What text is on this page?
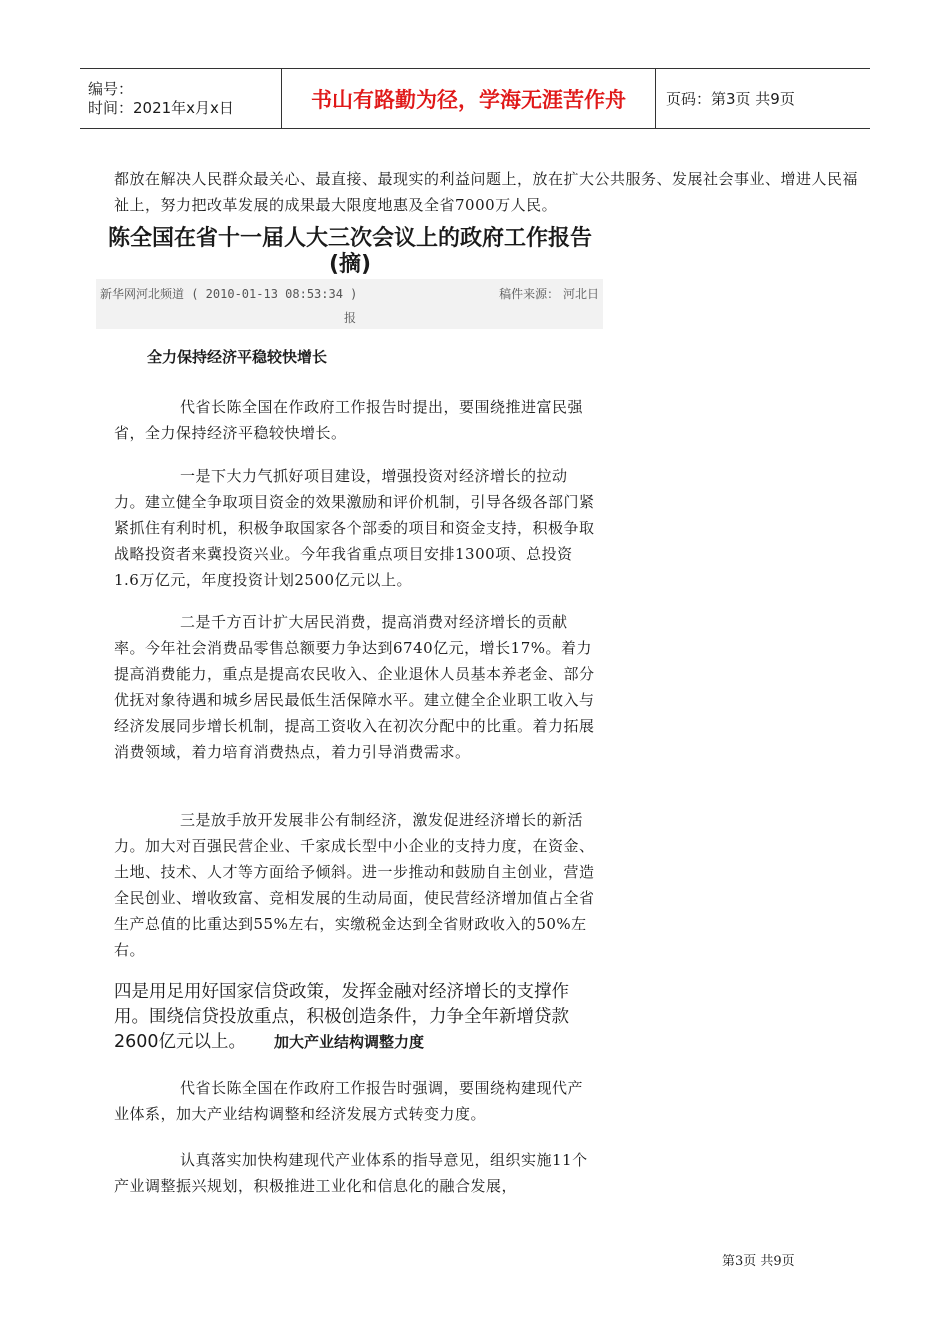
编号：
时间：2021年x月x日	书山有路勤为径，学海无涯苦作舟	页码：第3页 共9页

都放在解决人民群众最关心、最直接、最现实的利益问题上，放在扩大公共服务、发展社会事业、增进人民福祉上，努力把改革发展的成果最大限度地惠及全省7000万人民。

陈全国在省十一届人大三次会议上的政府工作报告(摘)
新华网河北频道 ( 2010-01-13 08:53:34 )	稿件来源： 河北日
报
全力保持经济平稳较快增长

代省长陈全国在作政府工作报告时提出，要围绕推进富民强省，全力保持经济平稳较快增长。

一是下大力气抓好项目建设，增强投资对经济增长的拉动力。建立健全争取项目资金的效果激励和评价机制，引导各级各部门紧紧抓住有利时机，积极争取国家各个部委的项目和资金支持，积极争取战略投资者来冀投资兴业。今年我省重点项目安排1300项、总投资1.6万亿元，年度投资计划2500亿元以上。

二是千方百计扩大居民消费，提高消费对经济增长的贡献率。今年社会消费品零售总额要力争达到6740亿元，增长17%。着力提高消费能力，重点是提高农民收入、企业退休人员基本养老金、部分优抚对象待遇和城乡居民最低生活保障水平。建立健全企业职工收入与经济发展同步增长机制，提高工资收入在初次分配中的比重。着力拓展消费领域，着力培育消费热点，着力引导消费需求。

三是放手放开发展非公有制经济，激发促进经济增长的新活力。加大对百强民营企业、千家成长型中小企业的支持力度，在资金、土地、技术、人才等方面给予倾斜。进一步推动和鼓励自主创业，营造全民创业、增收致富、竞相发展的生动局面，使民营经济增加值占全省生产总值的比重达到55%左右，实缴税金达到全省财政收入的50%左右。

四是用足用好国家信贷政策，发挥金融对经济增长的支撑作用。围绕信贷投放重点，积极创造条件，力争全年新增贷款2600亿元以上。 加大产业结构调整力度

代省长陈全国在作政府工作报告时强调，要围绕构建现代产业体系，加大产业结构调整和经济发展方式转变力度。

认真落实加快构建现代产业体系的指导意见，组织实施11个产业调整振兴规划，积极推进工业化和信息化的融合发展，

第3页 共9页
